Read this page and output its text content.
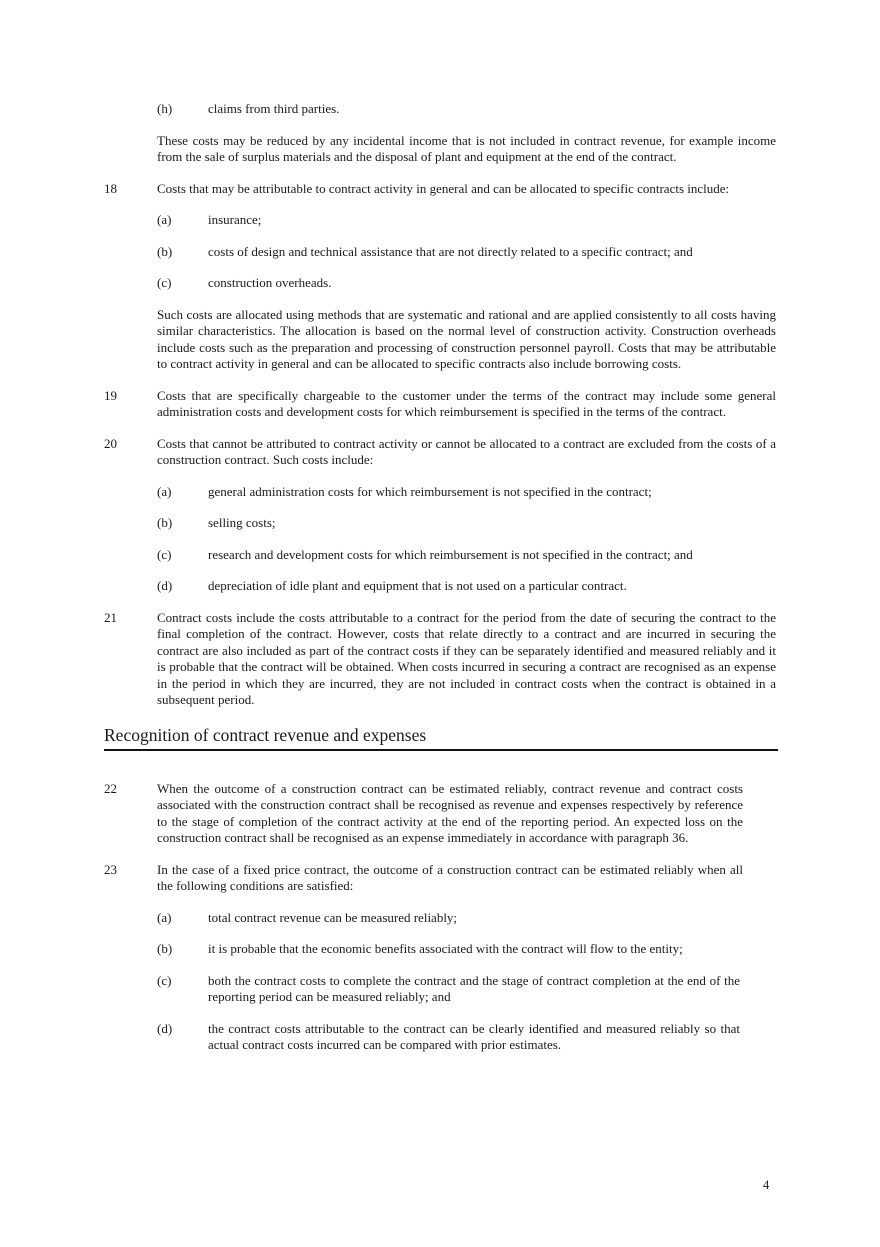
(h)	claims from third parties.
These costs may be reduced by any incidental income that is not included in contract revenue, for example income from the sale of surplus materials and the disposal of plant and equipment at the end of the contract.
18	Costs that may be attributable to contract activity in general and can be allocated to specific contracts include:
(a)	insurance;
(b)	costs of design and technical assistance that are not directly related to a specific contract; and
(c)	construction overheads.
Such costs are allocated using methods that are systematic and rational and are applied consistently to all costs having similar characteristics. The allocation is based on the normal level of construction activity. Construction overheads include costs such as the preparation and processing of construction personnel payroll. Costs that may be attributable to contract activity in general and can be allocated to specific contracts also include borrowing costs.
19	Costs that are specifically chargeable to the customer under the terms of the contract may include some general administration costs and development costs for which reimbursement is specified in the terms of the contract.
20	Costs that cannot be attributed to contract activity or cannot be allocated to a contract are excluded from the costs of a construction contract. Such costs include:
(a)	general administration costs for which reimbursement is not specified in the contract;
(b)	selling costs;
(c)	research and development costs for which reimbursement is not specified in the contract; and
(d)	depreciation of idle plant and equipment that is not used on a particular contract.
21	Contract costs include the costs attributable to a contract for the period from the date of securing the contract to the final completion of the contract. However, costs that relate directly to a contract and are incurred in securing the contract are also included as part of the contract costs if they can be separately identified and measured reliably and it is probable that the contract will be obtained. When costs incurred in securing a contract are recognised as an expense in the period in which they are incurred, they are not included in contract costs when the contract is obtained in a subsequent period.
Recognition of contract revenue and expenses
22	When the outcome of a construction contract can be estimated reliably, contract revenue and contract costs associated with the construction contract shall be recognised as revenue and expenses respectively by reference to the stage of completion of the contract activity at the end of the reporting period. An expected loss on the construction contract shall be recognised as an expense immediately in accordance with paragraph 36.
23	In the case of a fixed price contract, the outcome of a construction contract can be estimated reliably when all the following conditions are satisfied:
(a)	total contract revenue can be measured reliably;
(b)	it is probable that the economic benefits associated with the contract will flow to the entity;
(c)	both the contract costs to complete the contract and the stage of contract completion at the end of the reporting period can be measured reliably; and
(d)	the contract costs attributable to the contract can be clearly identified and measured reliably so that actual contract costs incurred can be compared with prior estimates.
4
